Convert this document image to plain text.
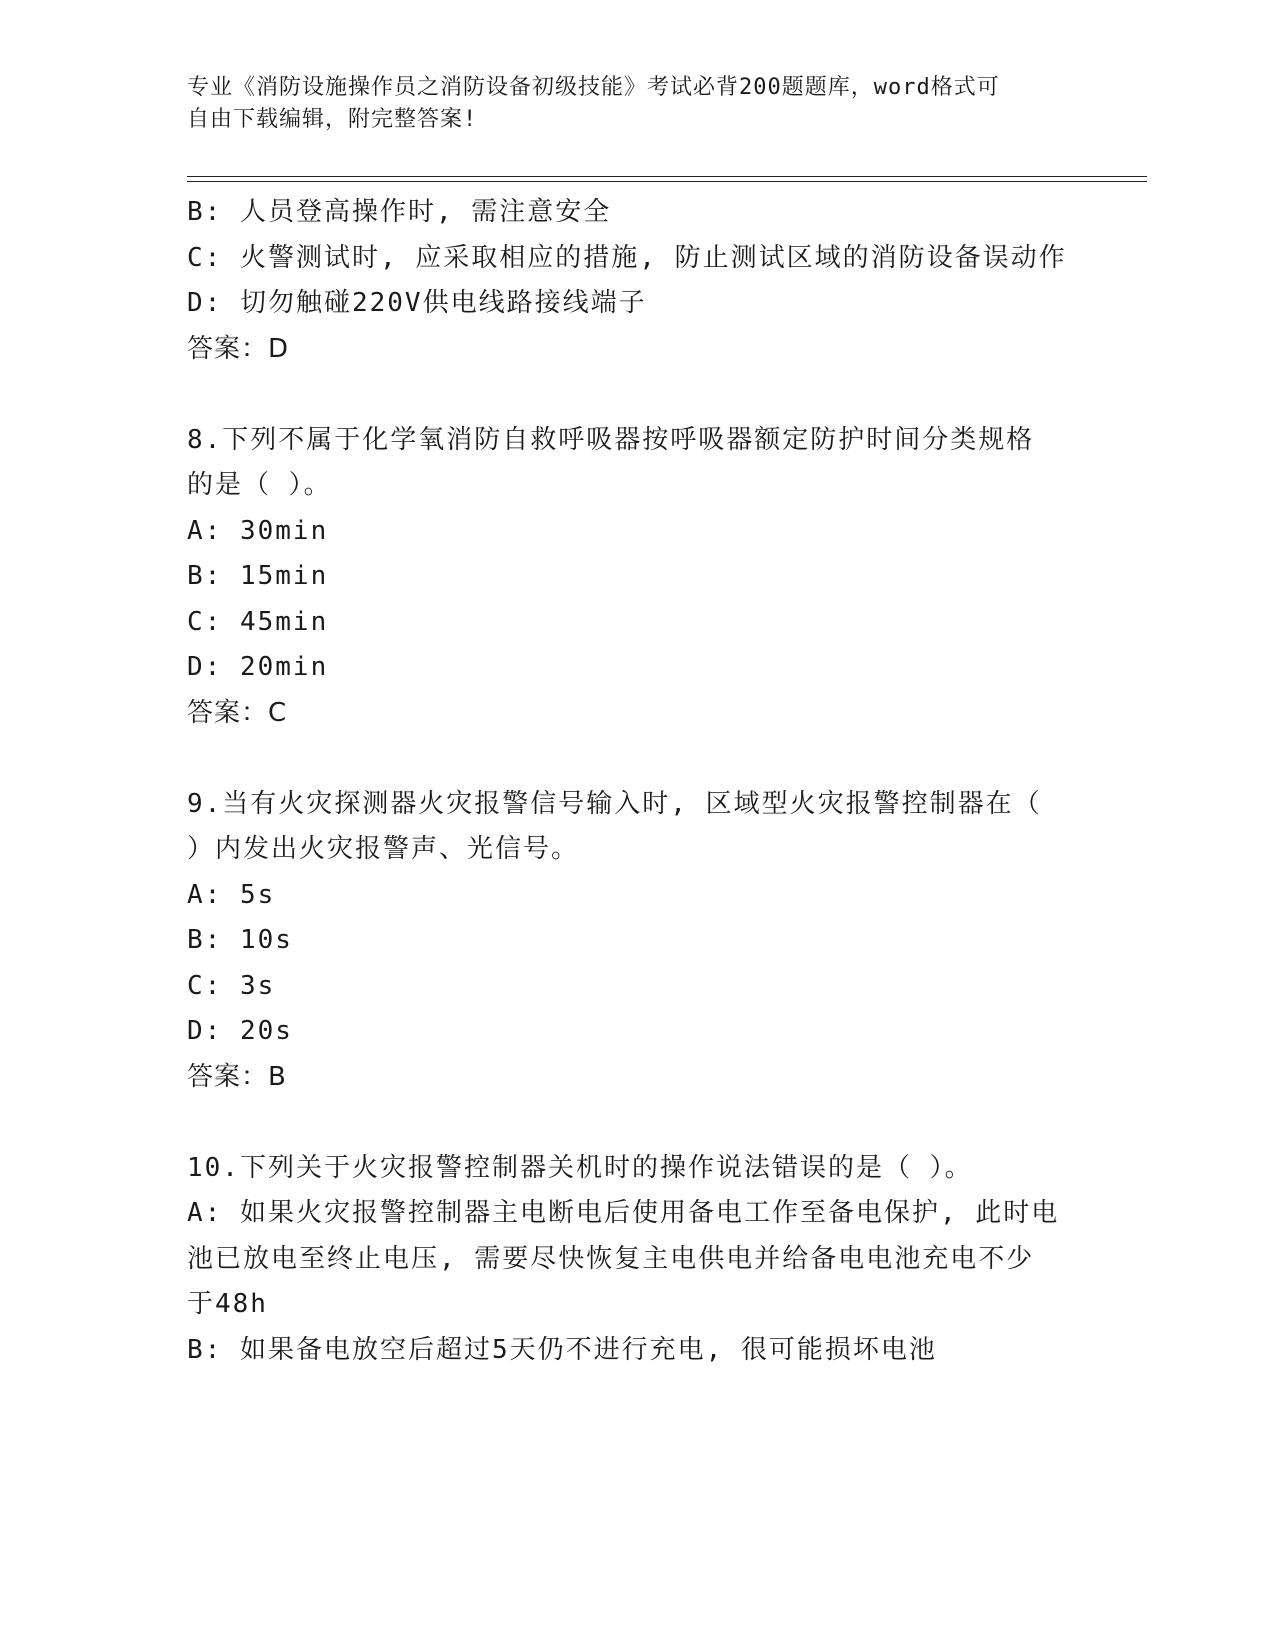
专业《消防设施操作员之消防设备初级技能》考试必背200题题库，word格式可
自由下载编辑，附完整答案!
B: 人员登高操作时, 需注意安全
C: 火警测试时, 应采取相应的措施, 防止测试区域的消防设备误动作
D: 切勿触碰220V供电线路接线端子
答案：D
8.下列不属于化学氧消防自救呼吸器按呼吸器额定防护时间分类规格
的是（ ）。
A: 30min
B: 15min
C: 45min
D: 20min
答案：C
9.当有火灾探测器火灾报警信号输入时, 区域型火灾报警控制器在（
）内发出火灾报警声、光信号。
A: 5s
B: 10s
C: 3s
D: 20s
答案：B
10.下列关于火灾报警控制器关机时的操作说法错误的是（ ）。
A: 如果火灾报警控制器主电断电后使用备电工作至备电保护, 此时电
池已放电至终止电压, 需要尽快恢复主电供电并给备电电池充电不少
于48h
B: 如果备电放空后超过5天仍不进行充电, 很可能损坏电池
